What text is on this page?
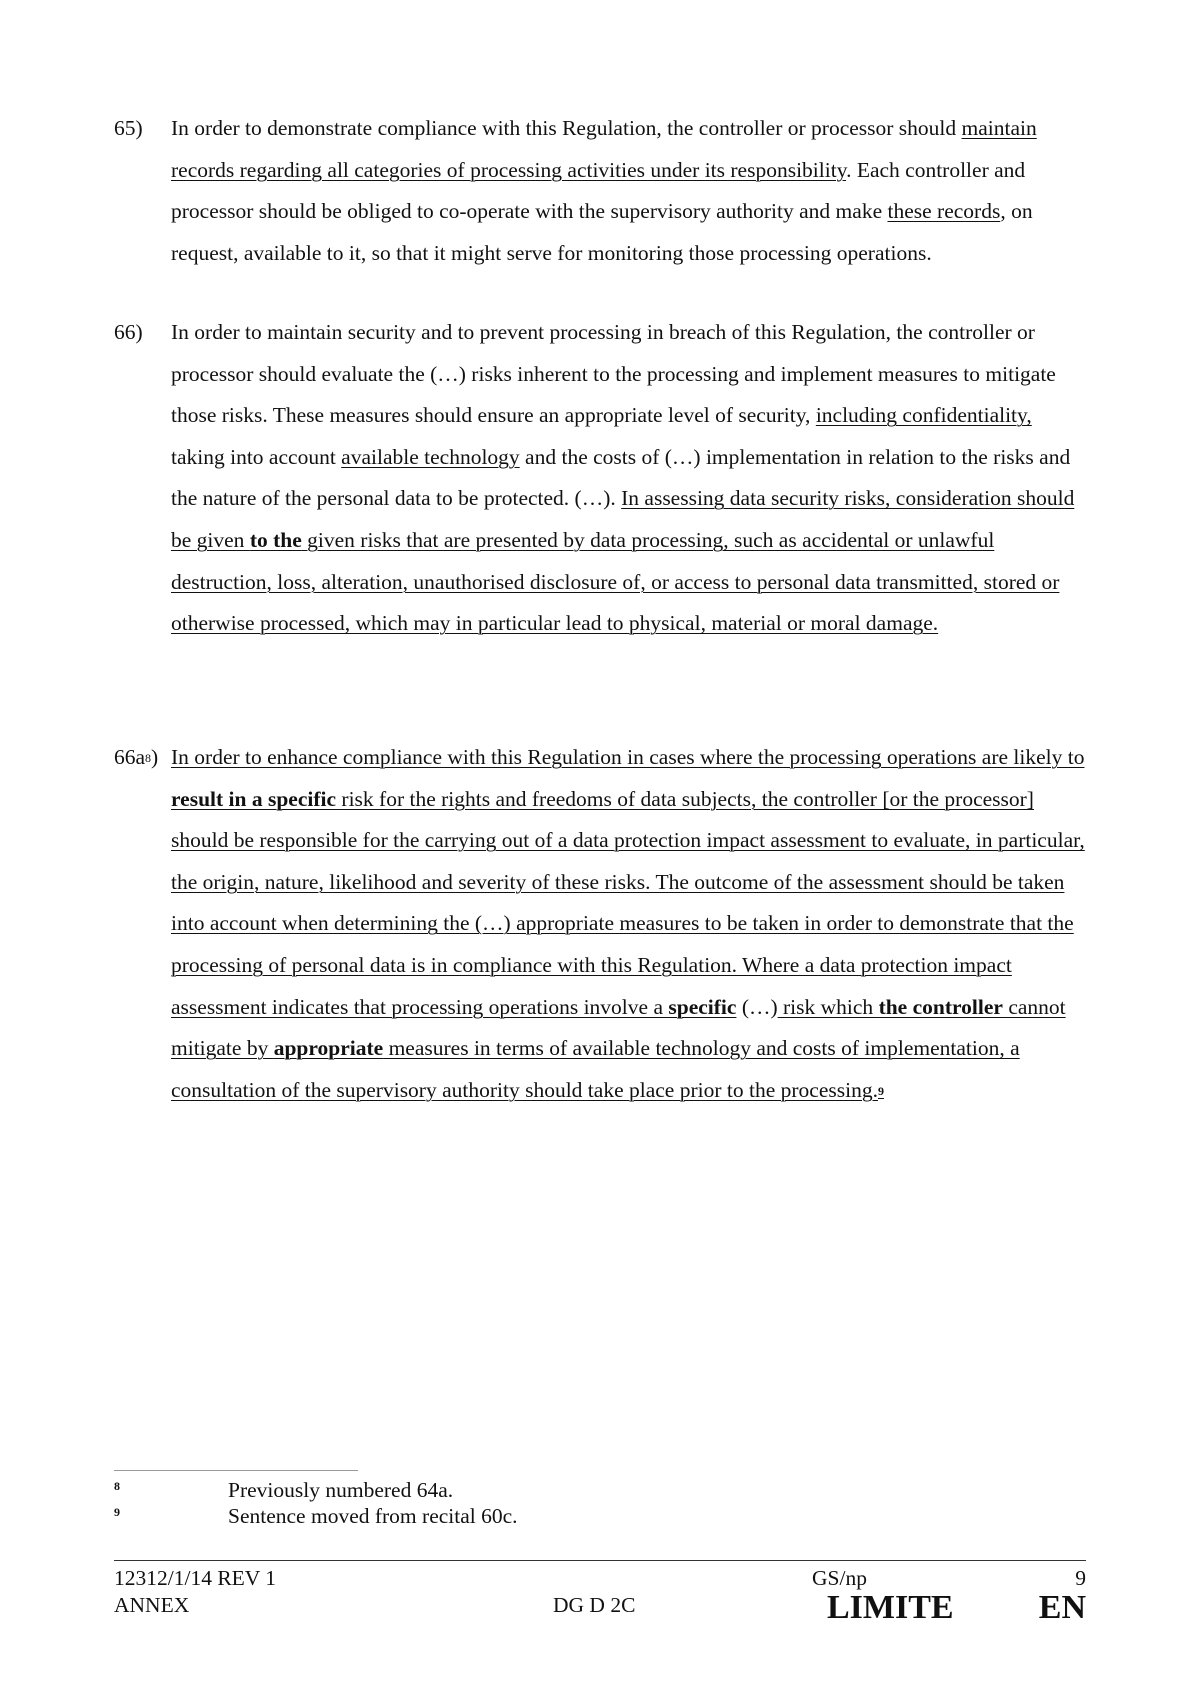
65) In order to demonstrate compliance with this Regulation, the controller or processor should maintain records regarding all categories of processing activities under its responsibility. Each controller and processor should be obliged to co-operate with the supervisory authority and make these records, on request, available to it, so that it might serve for monitoring those processing operations.
66) In order to maintain security and to prevent processing in breach of this Regulation, the controller or processor should evaluate the (…) risks inherent to the processing and implement measures to mitigate those risks. These measures should ensure an appropriate level of security, including confidentiality, taking into account available technology and the costs of (…) implementation in relation to the risks and the nature of the personal data to be protected. (…). In assessing data security risks, consideration should be given to the given risks that are presented by data processing, such as accidental or unlawful destruction, loss, alteration, unauthorised disclosure of, or access to personal data transmitted, stored or otherwise processed, which may in particular lead to physical, material or moral damage.
$66a^8$) In order to enhance compliance with this Regulation in cases where the processing operations are likely to result in a specific risk for the rights and freedoms of data subjects, the controller [or the processor] should be responsible for the carrying out of a data protection impact assessment to evaluate, in particular, the origin, nature, likelihood and severity of these risks. The outcome of the assessment should be taken into account when determining the (…) appropriate measures to be taken in order to demonstrate that the processing of personal data is in compliance with this Regulation. Where a data protection impact assessment indicates that processing operations involve a specific (…) risk which the controller cannot mitigate by appropriate measures in terms of available technology and costs of implementation, a consultation of the supervisory authority should take place prior to the processing.$^9$
8	Previously numbered 64a.
9	Sentence moved from recital 60c.
12312/1/14 REV 1	GS/np	9
ANNEX	DG D 2C	LIMITE	EN
